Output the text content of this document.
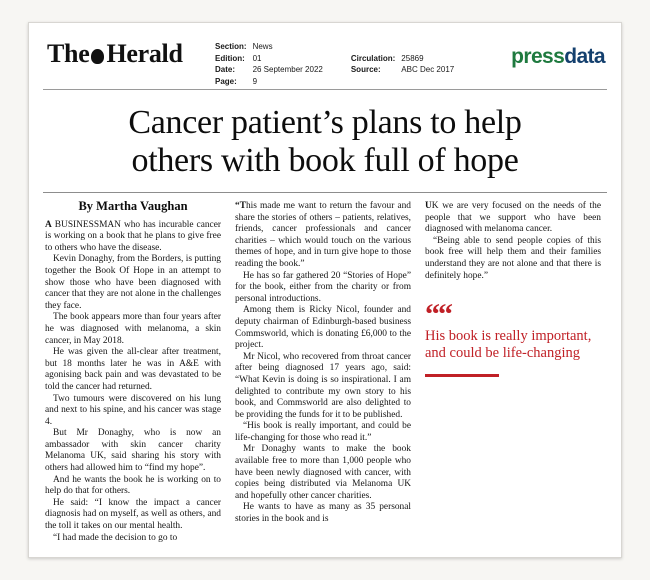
The Herald	Section:	News		
Edition:	01	Circulation:	25869
Date:	26 September 2022	Source:	ABC Dec 2017
Page:	9		
pressdata
Cancer patient’s plans to help
others with book full of hope
By Martha Vaughan

A BUSINESSMAN who has incurable cancer is working on a book that he plans to give free to others who have the disease.

Kevin Donaghy, from the Borders, is putting together the Book Of Hope in an attempt to show those who have been diagnosed with cancer that they are not alone in the challenges they face.

The book appears more than four years after he was diagnosed with melanoma, a skin cancer, in May 2018.

He was given the all-clear after treatment, but 18 months later he was in A&E with agonising back pain and was devastated to be told the cancer had returned.

Two tumours were discovered on his lung and next to his spine, and his cancer was stage 4.

But Mr Donaghy, who is now an ambassador with skin cancer charity Melanoma UK, said sharing his story with others had allowed him to “find my hope”.

And he wants the book he is working on to help do that for others.

He said: “I know the impact a cancer diagnosis had on myself, as well as others, and the toll it takes on our mental health.

“I had made the decision to go to

“This made me want to return the favour and share the stories of others – patients, relatives, friends, cancer professionals and cancer charities – which would touch on the various themes of hope, and in turn give hope to those reading the book.”

He has so far gathered 20 “Stories of Hope” for the book, either from the charity or from personal introductions.

Among them is Ricky Nicol, founder and deputy chairman of Edinburgh-based business Commsworld, which is donating £6,000 to the project.

Mr Nicol, who recovered from throat cancer after being diagnosed 17 years ago, said: “What Kevin is doing is so inspirational. I am delighted to contribute my own story to his book, and Commsworld are also delighted to be providing the funds for it to be published.

“His book is really important, and could be life-changing for those who read it.”

Mr Donaghy wants to make the book available free to more than 1,000 people who have been newly diagnosed with cancer, with copies being distributed via Melanoma UK and hopefully other cancer charities.

He wants to have as many as 35 personal stories in the book and is

UK we are very focused on the needs of the people that we support who have been diagnosed with melanoma cancer.

“Being able to send people copies of this book free will help them and their families understand they are not alone and that there is definitely hope.”

““
His book is really important, and could be life-changing
